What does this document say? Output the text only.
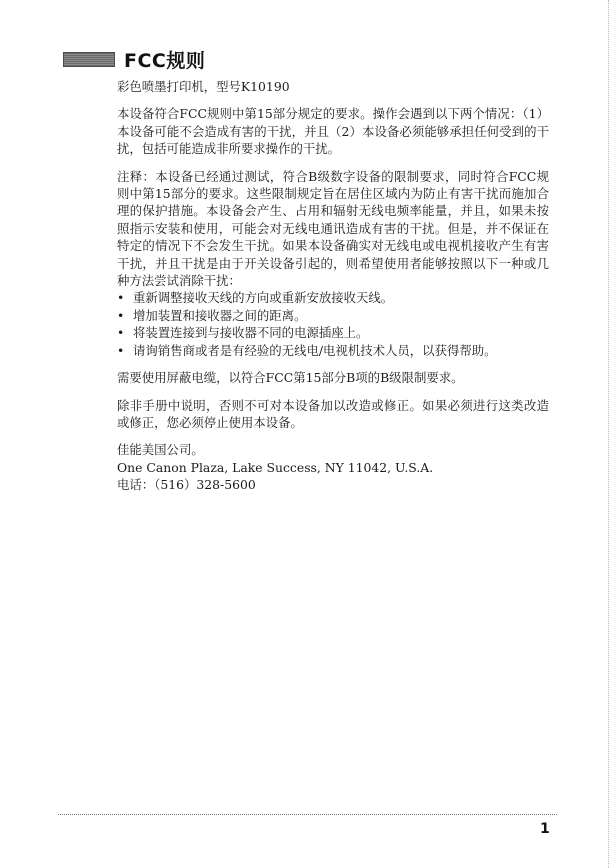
FCC规则

彩色喷墨打印机，型号K10190

本设备符合FCC规则中第15部分规定的要求。操作会遇到以下两个情况：（1）本设备可能不会造成有害的干扰，并且（2）本设备必须能够承担任何受到的干扰，包括可能造成非所要求操作的干扰。

注释：本设备已经通过测试，符合B级数字设备的限制要求，同时符合FCC规则中第15部分的要求。这些限制规定旨在居住区域内为防止有害干扰而施加合理的保护措施。本设备会产生、占用和辐射无线电频率能量，并且，如果未按照指示安装和使用，可能会对无线电通讯造成有害的干扰。但是，并不保证在特定的情况下不会发生干扰。如果本设备确实对无线电或电视机接收产生有害干扰，并且干扰是由于开关设备引起的，则希望使用者能够按照以下一种或几种方法尝试消除干扰：

• 重新调整接收天线的方向或重新安放接收天线。
• 增加装置和接收器之间的距离。
• 将装置连接到与接收器不同的电源插座上。
• 请询销售商或者是有经验的无线电/电视机技术人员，以获得帮助。

需要使用屏蔽电缆，以符合FCC第15部分B项的B级限制要求。

除非手册中说明，否则不可对本设备加以改造或修正。如果必须进行这类改造或修正，您必须停止使用本设备。

佳能美国公司。
One Canon Plaza, Lake Success, NY 11042, U.S.A.
电话：（516）328-5600
1
